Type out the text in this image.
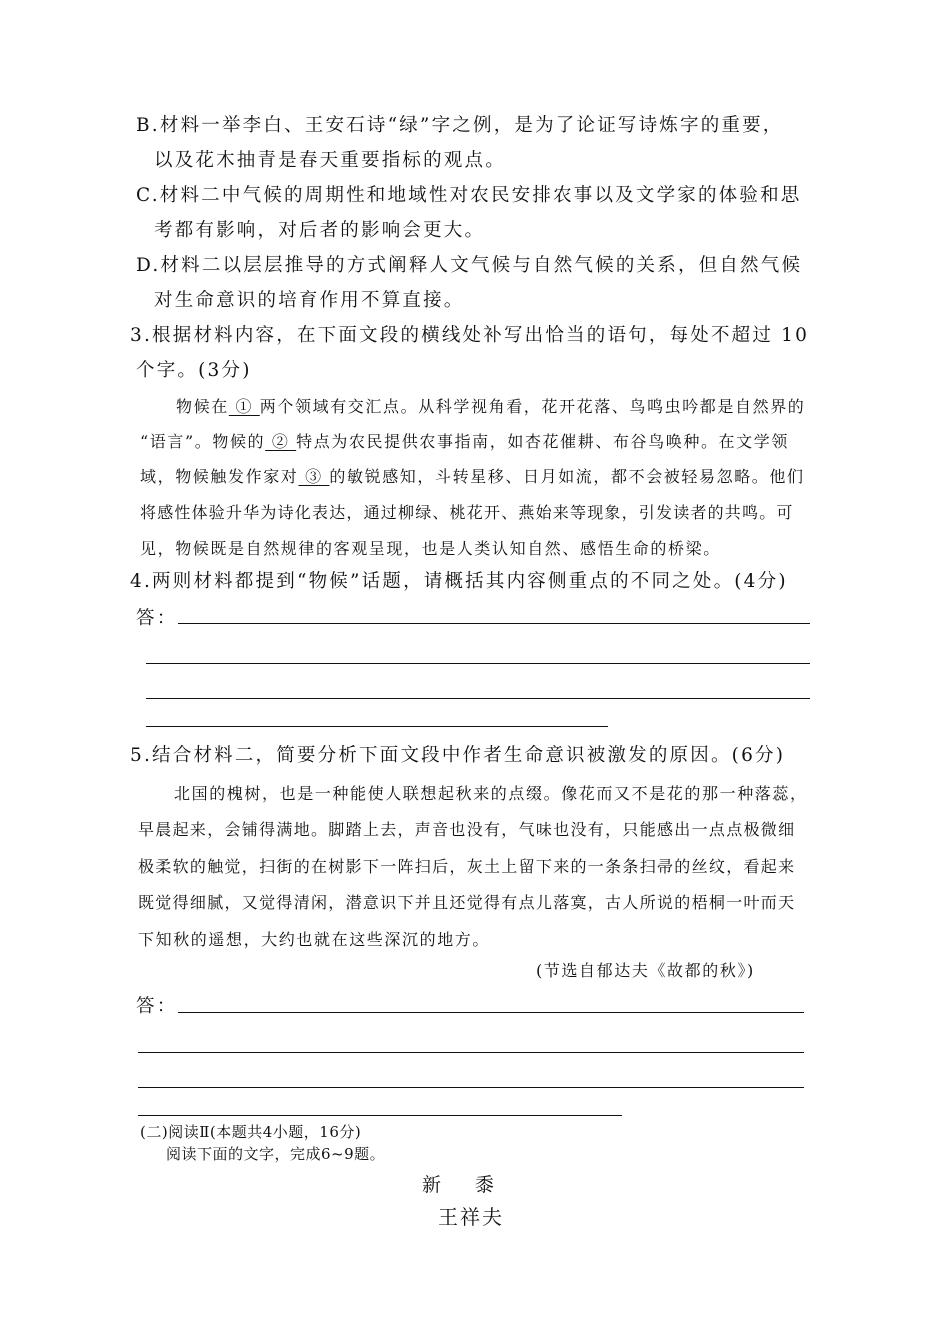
B.材料一举李白、王安石诗“绿”字之例，是为了论证写诗炼字的重要，
以及花木抽青是春天重要指标的观点。
C.材料二中气候的周期性和地域性对农民安排农事以及文学家的体验和思
考都有影响，对后者的影响会更大。
D.材料二以层层推导的方式阐释人文气候与自然气候的关系，但自然气候
对生命意识的培育作用不算直接。
3.根据材料内容，在下面文段的横线处补写出恰当的语句，每处不超过 10
个字。(3分)
物候在 ① 两个领域有交汇点。从科学视角看，花开花落、鸟鸣虫吟都是自然界的
“语言”。物候的 ② 特点为农民提供农事指南，如杏花催耕、布谷鸟唤种。在文学领
域，物候触发作家对 ③ 的敏锐感知，斗转星移、日月如流，都不会被轻易忽略。他们
将感性体验升华为诗化表达，通过柳绿、桃花开、燕始来等现象，引发读者的共鸣。可
见，物候既是自然规律的客观呈现，也是人类认知自然、感悟生命的桥梁。
4.两则材料都提到“物候”话题，请概括其内容侧重点的不同之处。(4分)
答：
5.结合材料二，简要分析下面文段中作者生命意识被激发的原因。(6分)
北国的槐树，也是一种能使人联想起秋来的点缀。像花而又不是花的那一种落蕊，
早晨起来，会铺得满地。脚踏上去，声音也没有，气味也没有，只能感出一点点极微细
极柔软的触觉，扫街的在树影下一阵扫后，灰土上留下来的一条条扫帚的丝纹，看起来
既觉得细腻，又觉得清闲，潜意识下并且还觉得有点儿落寞，古人所说的梧桐一叶而天
下知秋的遥想，大约也就在这些深沉的地方。
(节选自郁达夫《故都的秋》)
答：
(二)阅读Ⅱ(本题共4小题，16分)
阅读下面的文字，完成6~9题。
新 黍
王祥夫
